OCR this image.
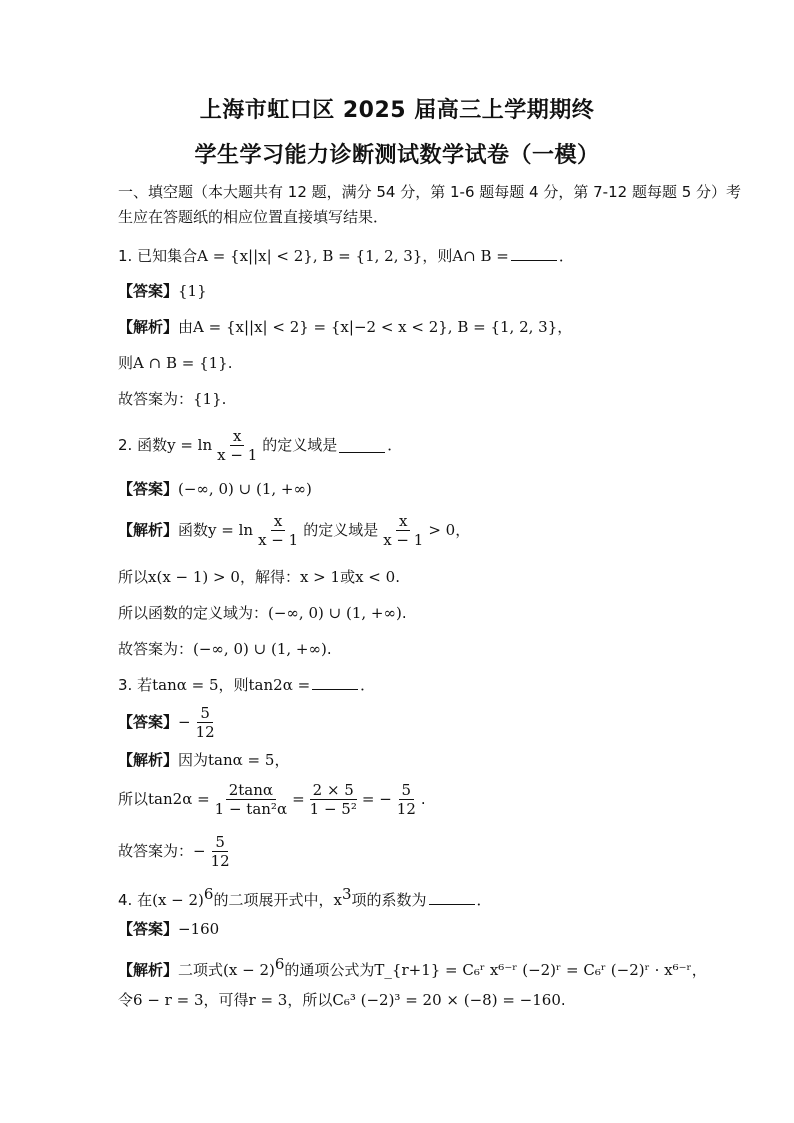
上海市虹口区 2025 届高三上学期期终
学生学习能力诊断测试数学试卷（一模）
一、填空题（本大题共有 12 题，满分 54 分，第 1-6 题每题 4 分，第 7-12 题每题 5 分）考
生应在答题纸的相应位置直接填写结果．
1. 已知集合A = {x||x| < 2}, B = {1, 2, 3}，则A∩ B =	．
【答案】{1}
【解析】由A = {x||x| < 2} = {x|−2 < x < 2}, B = {1, 2, 3}，
则A ∩ B = {1}.
故答案为：{1}.
2. 函数 $y = \ln \frac{x}{x - 1}$ 的定义域是	．
【答案】(−∞, 0) ∪ (1, +∞)
【解析】 函数 $y = \ln \frac{x}{x - 1}$ 的定义域是 $\frac{x}{x - 1} > 0$ ，
所以x(x − 1) > 0，解得：x > 1或x < 0.
所以函数的定义域为：(−∞, 0) ∪ (1, +∞).
故答案为：(−∞, 0) ∪ (1, +∞).
3. 若tanα = 5，则tan2α =	．
【答案】 − $\frac{5}{12}$
【解析】因为tanα = 5，
所以 $\tan 2\alpha = \frac{2\tan\alpha}{\text{1 − tan²α}} = \frac{2 \times 5}{\text{1 − 5²}}$ = − $\frac{5}{12}$ .
故答案为： − $\frac{5}{12}$
4. 在$(x - 2)^6$的二项展开式中，$x^3$项的系数为	．
【答案】−160
【解析】二项式$(x - 2)^6$的通项公式为T_{r+1} = C₆ʳ x⁶⁻ʳ (−2)ʳ = C₆ʳ (−2)ʳ · x⁶⁻ʳ，
令6 − r = 3，可得r = 3，所以C₆³ (−2)³ = 20 × (−8) = −160.
